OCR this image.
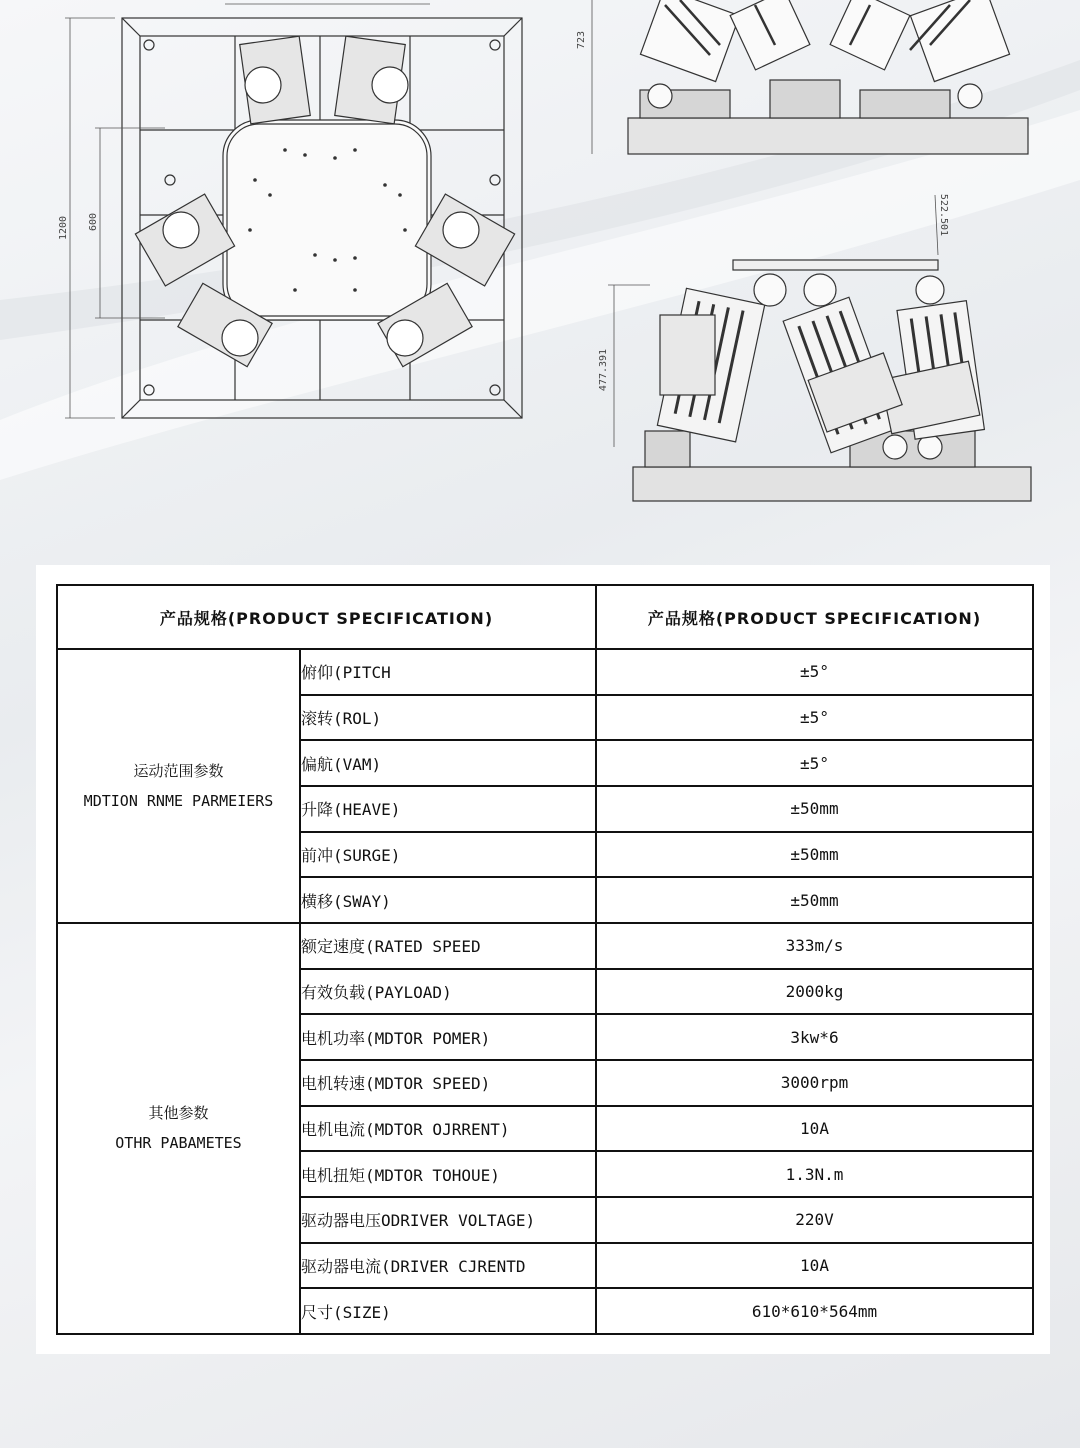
1200 600
723
477.391
522.501
产品规格(PRODUCT SPECIFICATION)		产品规格(PRODUCT SPECIFICATION)

运动范围参数
MDTION RNME PARMEIERS	俯仰(PITCH	±5°
	滚转(ROL)	±5°
	偏航(VAM)	±5°
	升降(HEAVE)	±50mm
	前冲(SURGE)	±50mm
	横移(SWAY)	±50mm

其他参数
OTHR PABAMETES	额定速度(RATED SPEED	333m/s
	有效负载(PAYLOAD)	2000kg
	电机功率(MDTOR POMER)	3kw*6
	电机转速(MDTOR SPEED)	3000rpm
	电机电流(MDTOR OJRRENT)	10A
	电机扭矩(MDTOR TOHOUE)	1.3N.m
	驱动器电压ODRIVER VOLTAGE)	220V
	驱动器电流(DRIVER CJRENTD	10A
	尺寸(SIZE)	610*610*564mm
